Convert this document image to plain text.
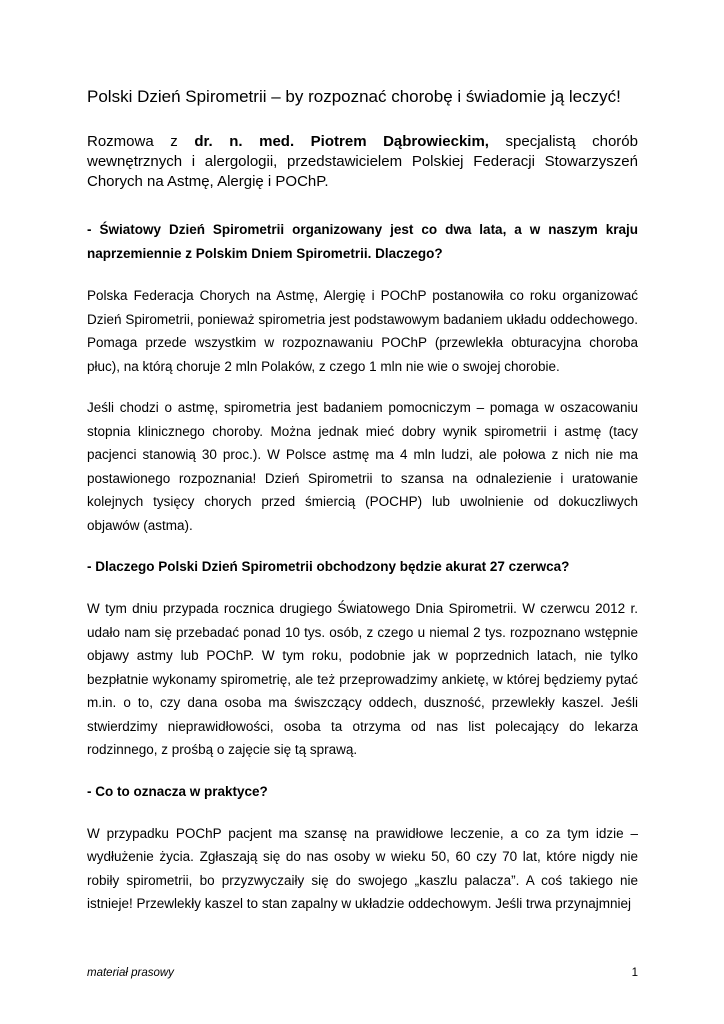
Polski Dzień Spirometrii – by rozpoznać chorobę i świadomie ją leczyć!

Rozmowa z dr. n. med. Piotrem Dąbrowieckim, specjalistą chorób wewnętrznych i alergologii, przedstawicielem Polskiej Federacji Stowarzyszeń Chorych na Astmę, Alergię i POChP.

- Światowy Dzień Spirometrii organizowany jest co dwa lata, a w naszym kraju naprzemiennie z Polskim Dniem Spirometrii. Dlaczego?

Polska Federacja Chorych na Astmę, Alergię i POChP postanowiła co roku organizować Dzień Spirometrii, ponieważ spirometria jest podstawowym badaniem układu oddechowego. Pomaga przede wszystkim w rozpoznawaniu POChP (przewlekła obturacyjna choroba płuc), na którą choruje 2 mln Polaków, z czego 1 mln nie wie o swojej chorobie.

Jeśli chodzi o astmę, spirometria jest badaniem pomocniczym – pomaga w oszacowaniu stopnia klinicznego choroby. Można jednak mieć dobry wynik spirometrii i astmę (tacy pacjenci stanowią 30 proc.). W Polsce astmę ma 4 mln ludzi, ale połowa z nich nie ma postawionego rozpoznania! Dzień Spirometrii to szansa na odnalezienie i uratowanie kolejnych tysięcy chorych przed śmiercią (POCHP) lub uwolnienie od dokuczliwych objawów (astma).

- Dlaczego Polski Dzień Spirometrii obchodzony będzie akurat 27 czerwca?

W tym dniu przypada rocznica drugiego Światowego Dnia Spirometrii. W czerwcu 2012 r. udało nam się przebadać ponad 10 tys. osób, z czego u niemal 2 tys. rozpoznano wstępnie objawy astmy lub POChP. W tym roku, podobnie jak w poprzednich latach, nie tylko bezpłatnie wykonamy spirometrię, ale też przeprowadzimy ankietę, w której będziemy pytać m.in. o to, czy dana osoba ma świszczący oddech, duszność, przewlekły kaszel. Jeśli stwierdzimy nieprawidłowości, osoba ta otrzyma od nas list polecający do lekarza rodzinnego, z prośbą o zajęcie się tą sprawą.

- Co to oznacza w praktyce?

W przypadku POChP pacjent ma szansę na prawidłowe leczenie, a co za tym idzie – wydłużenie życia. Zgłaszają się do nas osoby w wieku 50, 60 czy 70 lat, które nigdy nie robiły spirometrii, bo przyzwyczaiły się do swojego „kaszlu palacza”. A coś takiego nie istnieje! Przewlekły kaszel to stan zapalny w układzie oddechowym. Jeśli trwa przynajmniej

materiał prasowy	1
